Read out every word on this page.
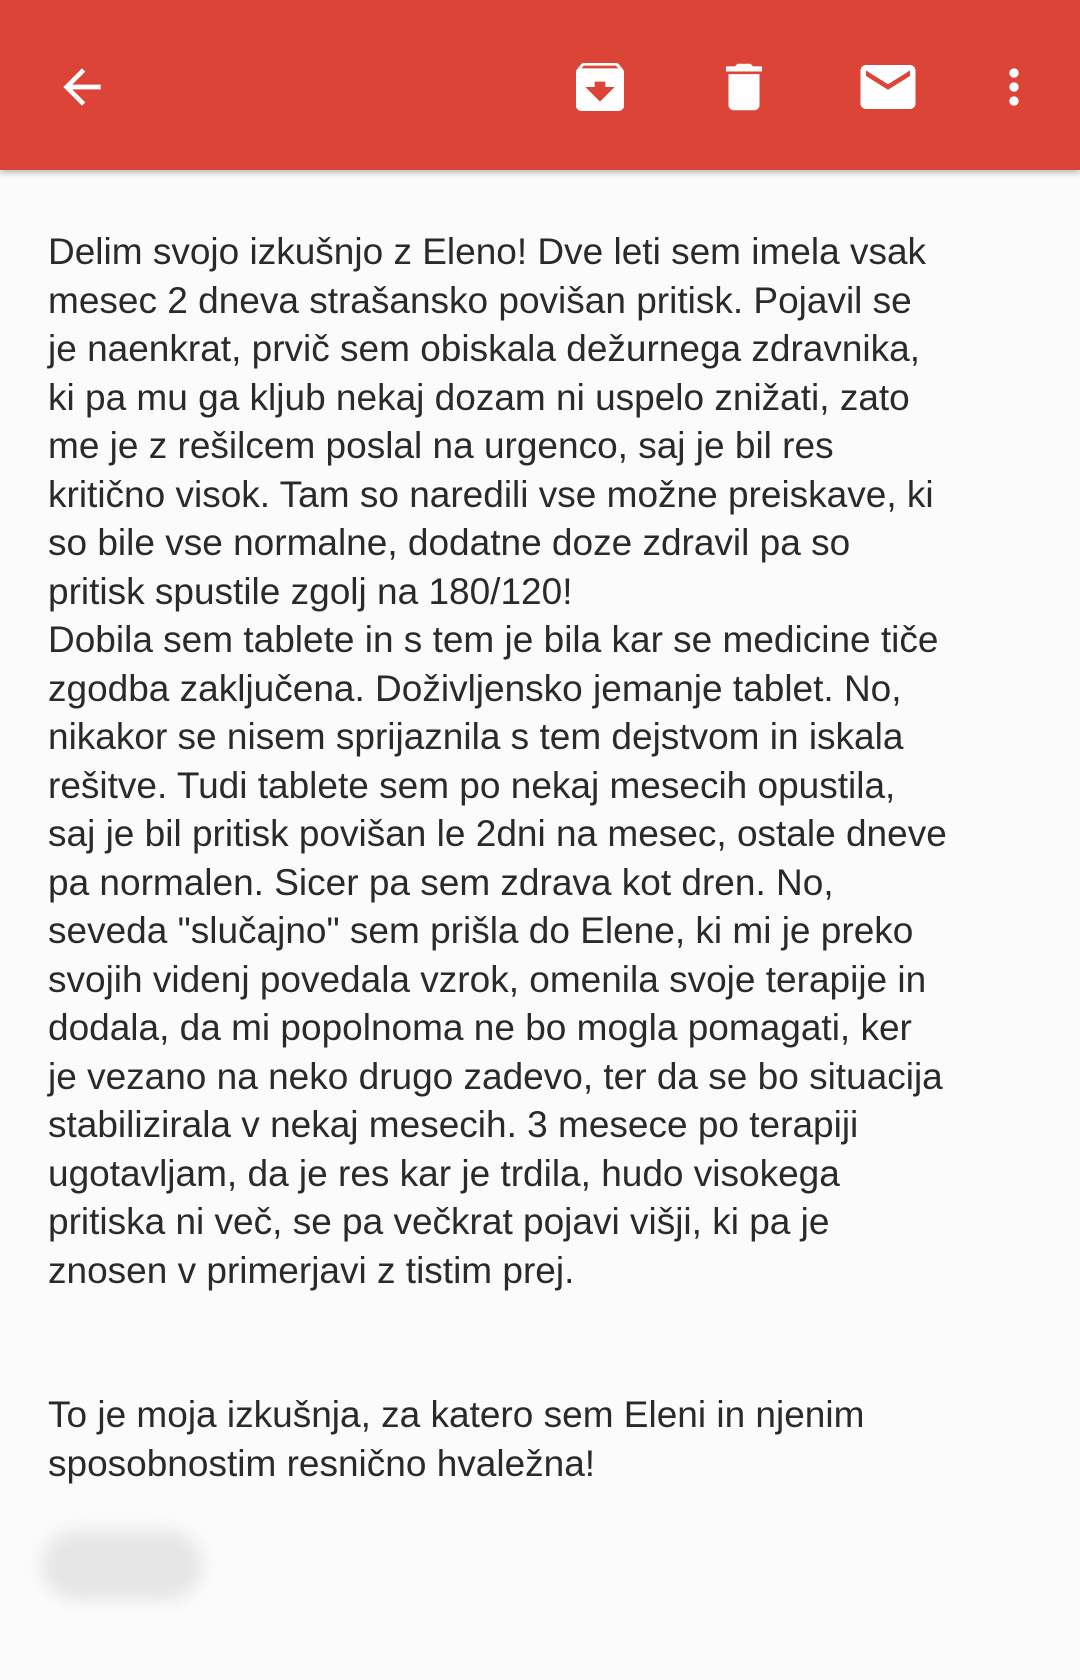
Delim svojo izkušnjo z Eleno! Dve leti sem imela vsak
mesec 2 dneva strašansko povišan pritisk. Pojavil se
je naenkrat, prvič sem obiskala dežurnega zdravnika,
ki pa mu ga kljub nekaj dozam ni uspelo znižati, zato
me je z rešilcem poslal na urgenco, saj je bil res
kritično visok. Tam so naredili vse možne preiskave, ki
so bile vse normalne, dodatne doze zdravil pa so
pritisk spustile zgolj na 180/120!
Dobila sem tablete in s tem je bila kar se medicine tiče
zgodba zaključena. Doživljensko jemanje tablet. No,
nikakor se nisem sprijaznila s tem dejstvom in iskala
rešitve. Tudi tablete sem po nekaj mesecih opustila,
saj je bil pritisk povišan le 2dni na mesec, ostale dneve
pa normalen. Sicer pa sem zdrava kot dren. No,
seveda "slučajno" sem prišla do Elene, ki mi je preko
svojih videnj povedala vzrok, omenila svoje terapije in
dodala, da mi popolnoma ne bo mogla pomagati, ker
je vezano na neko drugo zadevo, ter da se bo situacija
stabilizirala v nekaj mesecih. 3 mesece po terapiji
ugotavljam, da je res kar je trdila, hudo visokega
pritiska ni več, se pa večkrat pojavi višji, ki pa je
znosen v primerjavi z tistim prej.

To je moja izkušnja, za katero sem Eleni in njenim
sposobnostim resnično hvaležna!
